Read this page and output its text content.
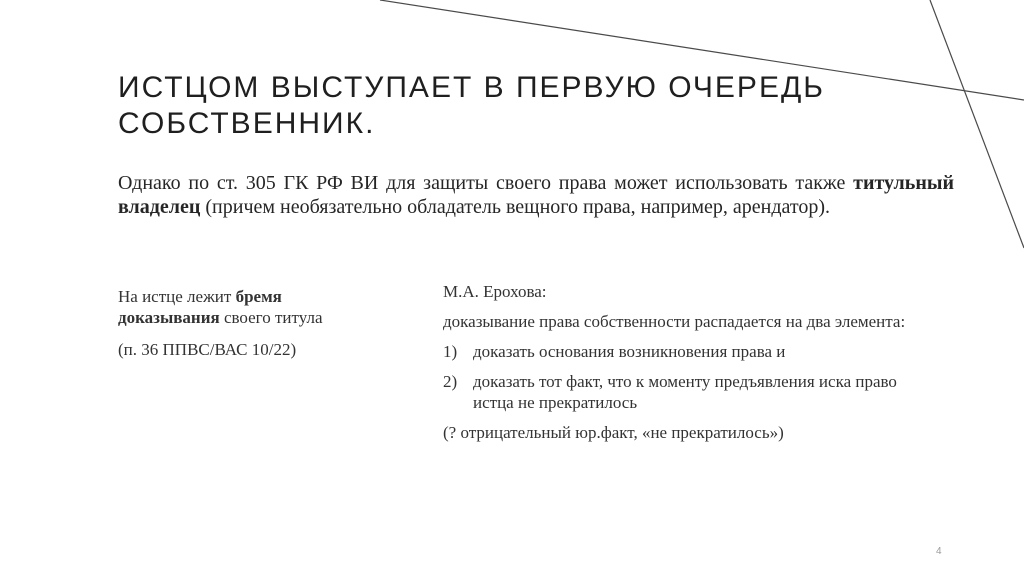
ИСТЦОМ ВЫСТУПАЕТ В ПЕРВУЮ ОЧЕРЕДЬ СОБСТВЕННИК.
Однако по ст. 305 ГК РФ ВИ для защиты своего права может использовать также титульный владелец (причем необязательно обладатель вещного права, например, арендатор).

На истце лежит бремя доказывания своего титула

(п. 36 ППВС/ВАС 10/22)

М.А. Ерохова:

доказывание права собственности распадается на два элемента:

1) доказать основания возникновения права и
2) доказать тот факт, что к моменту предъявления иска право истца не прекратилось

(? отрицательный юр.факт, «не прекратилось»)

4
